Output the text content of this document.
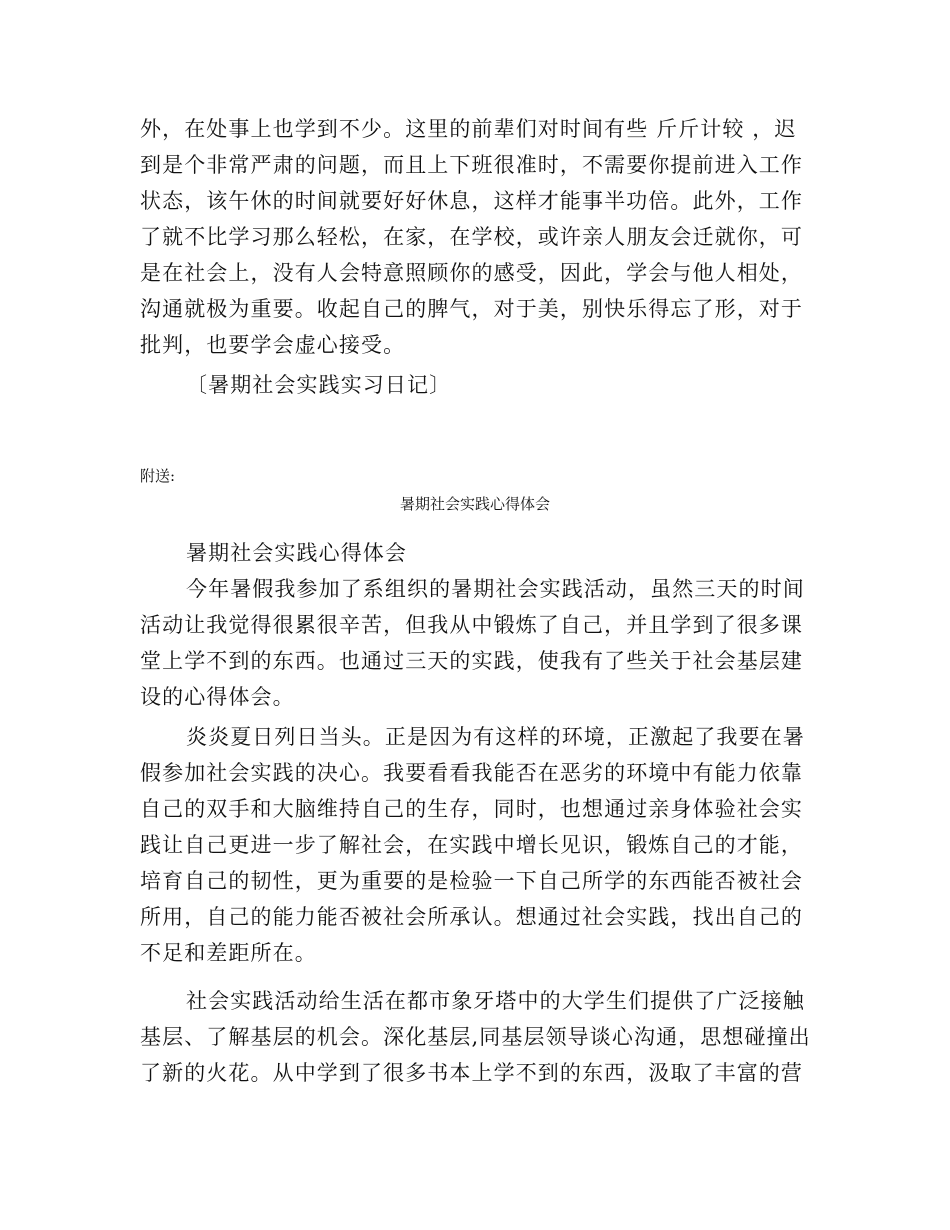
外，在处事上也学到不少。这里的前辈们对时间有些 斤斤计较 ，迟
到是个非常严肃的问题，而且上下班很准时，不需要你提前进入工作
状态，该午休的时间就要好好休息，这样才能事半功倍。此外，工作
了就不比学习那么轻松，在家，在学校，或许亲人朋友会迁就你，可
是在社会上，没有人会特意照顾你的感受，因此，学会与他人相处，
沟通就极为重要。收起自己的脾气，对于美，别快乐得忘了形，对于
批判，也要学会虚心接受。
〔暑期社会实践实习日记〕
附送:
暑期社会实践心得体会
暑期社会实践心得体会
今年暑假我参加了系组织的暑期社会实践活动，虽然三天的时间
活动让我觉得很累很辛苦，但我从中锻炼了自己，并且学到了很多课
堂上学不到的东西。也通过三天的实践，使我有了些关于社会基层建
设的心得体会。
炎炎夏日列日当头。正是因为有这样的环境，正激起了我要在暑
假参加社会实践的决心。我要看看我能否在恶劣的环境中有能力依靠
自己的双手和大脑维持自己的生存，同时，也想通过亲身体验社会实
践让自己更进一步了解社会，在实践中增长见识，锻炼自己的才能，
培育自己的韧性，更为重要的是检验一下自己所学的东西能否被社会
所用，自己的能力能否被社会所承认。想通过社会实践，找出自己的
不足和差距所在。
社会实践活动给生活在都市象牙塔中的大学生们提供了广泛接触
基层、了解基层的机会。深化基层,同基层领导谈心沟通，思想碰撞出
了新的火花。从中学到了很多书本上学不到的东西，汲取了丰富的营
